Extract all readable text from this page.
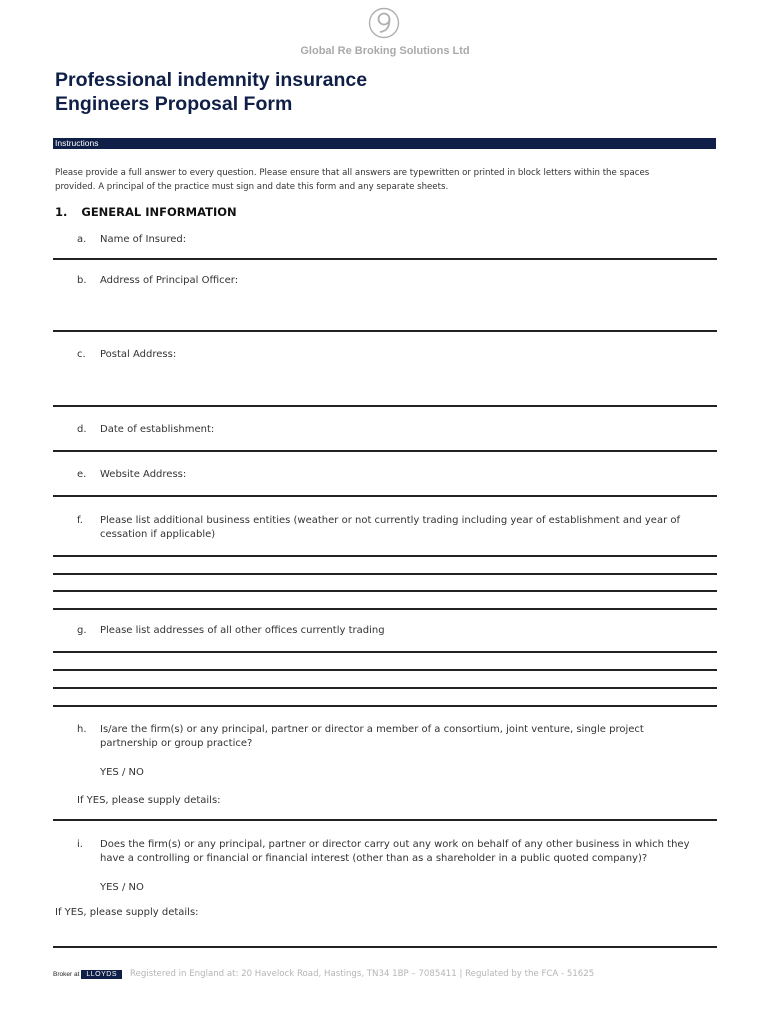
Global Re Broking Solutions Ltd
Professional indemnity insurance
Engineers Proposal Form
Instructions
Please provide a full answer to every question. Please ensure that all answers are typewritten or printed in block letters within the spaces
provided. A principal of the practice must sign and date this form and any separate sheets.
1. GENERAL INFORMATION
a.	Name of Insured:
b.	Address of Principal Officer:
c.	Postal Address:
d.	Date of establishment:
e.	Website Address:
f.	Please list additional business entities (weather or not currently trading including year of establishment and year of
cessation if applicable)
g.	Please list addresses of all other offices currently trading
h.	Is/are the firm(s) or any principal, partner or director a member of a consortium, joint venture, single project
partnership or group practice?
YES / NO
If YES, please supply details:
i.	Does the firm(s) or any principal, partner or director carry out any work on behalf of any other business in which they
have a controlling or financial or financial interest (other than as a shareholder in a public quoted company)?
YES / NO
If YES, please supply details:
Broker at	LLOYDS	Registered in England at: 20 Havelock Road, Hastings, TN34 1BP – 7085411 | Regulated by the FCA - 51625
